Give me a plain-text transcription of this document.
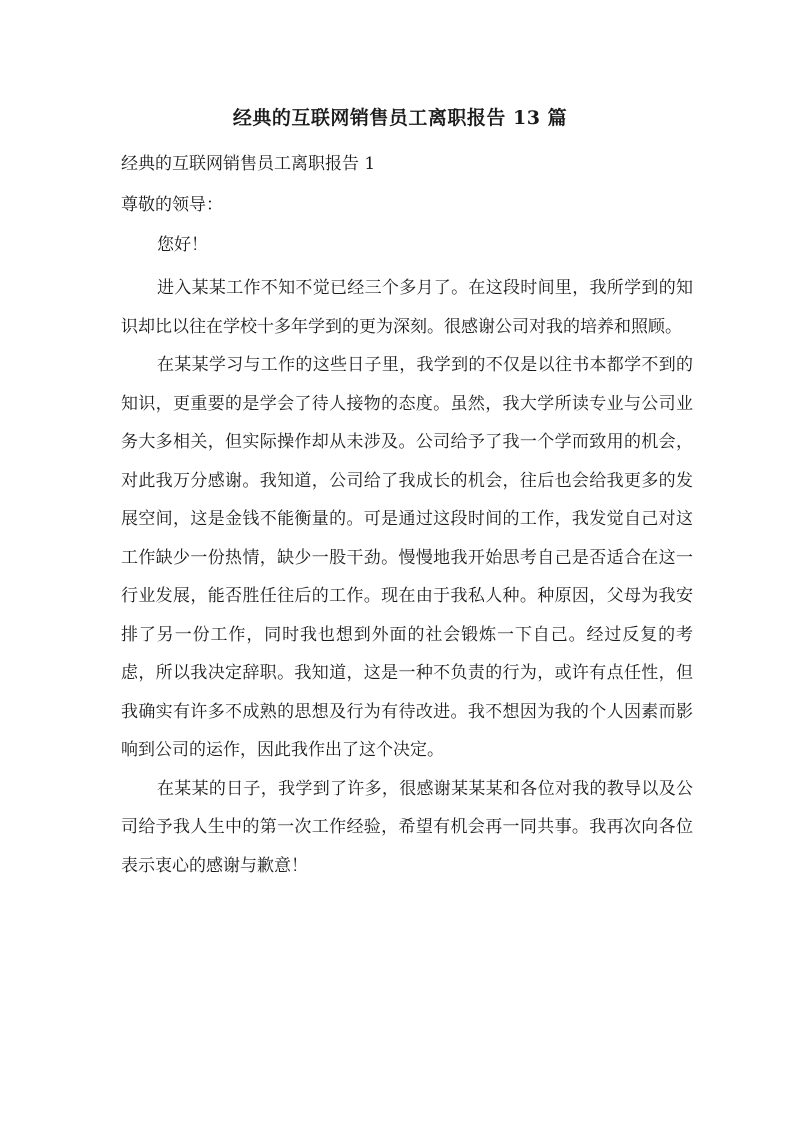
经典的互联网销售员工离职报告 13 篇
经典的互联网销售员工离职报告 1
尊敬的领导：
您好！

进入某某工作不知不觉已经三个多月了。在这段时间里，我所学到的知识却比以往在学校十多年学到的更为深刻。很感谢公司对我的培养和照顾。

在某某学习与工作的这些日子里，我学到的不仅是以往书本都学不到的知识，更重要的是学会了待人接物的态度。虽然，我大学所读专业与公司业务大多相关，但实际操作却从未涉及。公司给予了我一个学而致用的机会，对此我万分感谢。我知道，公司给了我成长的机会，往后也会给我更多的发展空间，这是金钱不能衡量的。可是通过这段时间的工作，我发觉自己对这工作缺少一份热情，缺少一股干劲。慢慢地我开始思考自己是否适合在这一行业发展，能否胜任往后的工作。现在由于我私人种。种原因，父母为我安排了另一份工作，同时我也想到外面的社会锻炼一下自己。经过反复的考虑，所以我决定辞职。我知道，这是一种不负责的行为，或许有点任性，但我确实有许多不成熟的思想及行为有待改进。我不想因为我的个人因素而影响到公司的运作，因此我作出了这个决定。

在某某的日子，我学到了许多，很感谢某某某和各位对我的教导以及公司给予我人生中的第一次工作经验，希望有机会再一同共事。我再次向各位表示衷心的感谢与歉意！
